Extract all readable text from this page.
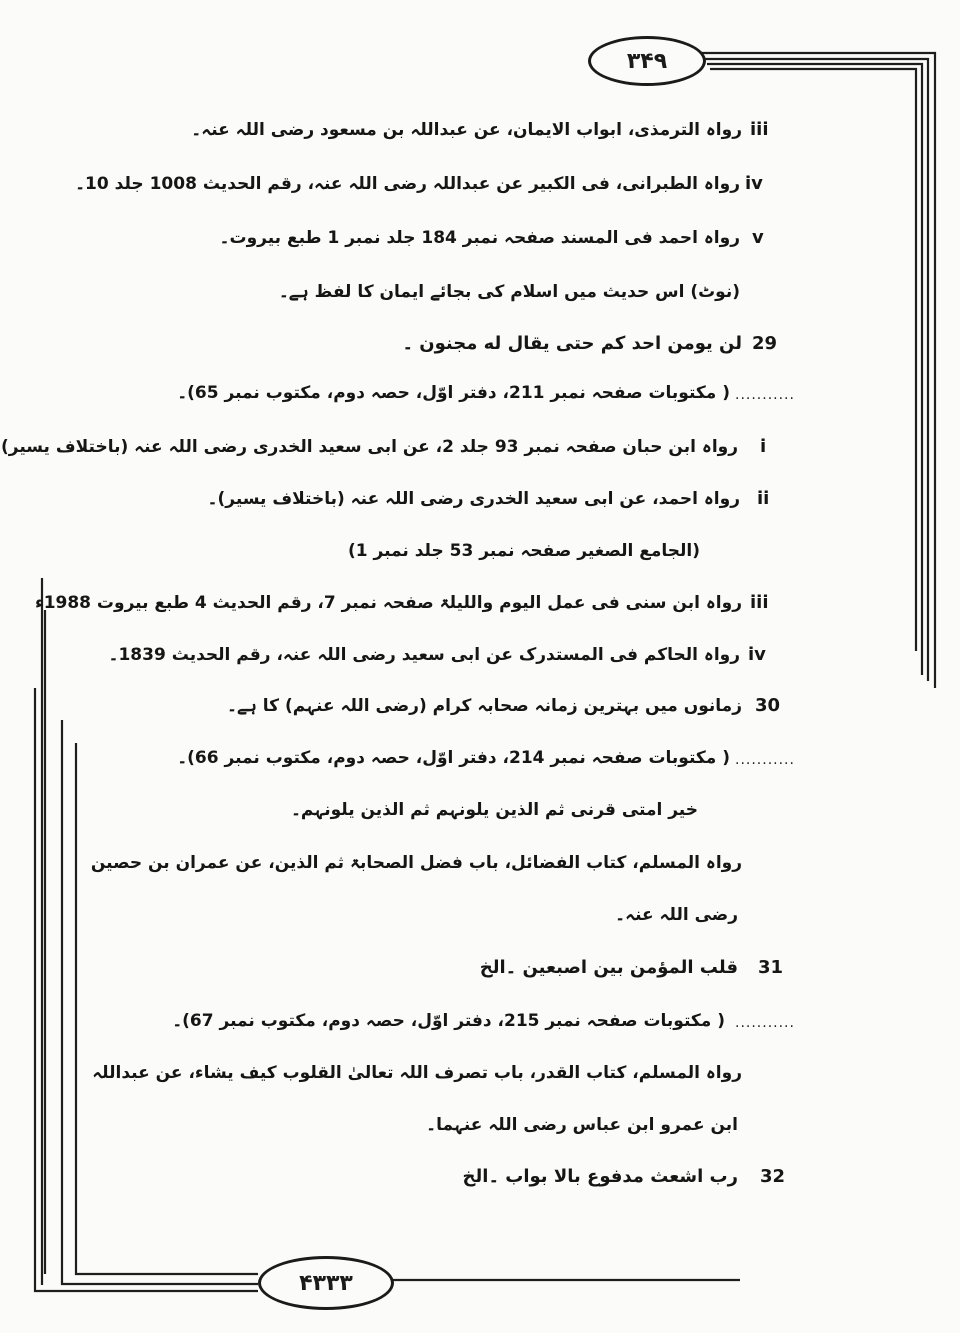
۳۴۹
۴۳۳۳
iii
رواہ الترمذی، ابواب الایمان، عن عبداللہ بن مسعود رضی اللہ عنہ۔
iv
رواہ الطبرانی، فی الکبیر عن عبداللہ رضی اللہ عنہ، رقم الحدیث 1008 جلد 10۔
v
رواہ احمد فی المسند صفحہ نمبر 184 جلد نمبر 1 طبع بیروت۔
(نوٹ) اس حدیث میں اسلام کی بجائے ایمان کا لفظ ہے۔
29
لن یومن احد کم حتی یقال له مجنون ۔
...........
( مکتوبات صفحہ نمبر 211، دفتر اوّل، حصہ دوم، مکتوب نمبر 65)۔
i
رواہ ابن حبان صفحہ نمبر 93 جلد 2، عن ابی سعید الخدری رضی اللہ عنہ (باختلاف یسیر)
ii
رواہ احمد، عن ابی سعید الخدری رضی اللہ عنہ (باختلاف یسیر)۔
(الجامع الصغیر صفحہ نمبر 53 جلد نمبر 1)
iii
رواہ ابن سنی فی عمل الیوم واللیلۃ صفحہ نمبر 7، رقم الحدیث 4 طبع بیروت 1988ء
iv
رواہ الحاکم فی المستدرک عن ابی سعید رضی اللہ عنہ، رقم الحدیث 1839۔
30
زمانوں میں بہترین زمانہ صحابہ کرام (رضی اللہ عنہم) کا ہے۔
...........
( مکتوبات صفحہ نمبر 214، دفتر اوّل، حصہ دوم، مکتوب نمبر 66)۔
خیر امتی قرنی ثم الذین یلونہم ثم الذین یلونہم۔
رواہ المسلم، کتاب الفضائل، باب فضل الصحابۃ ثم الذین، عن عمران بن حصین
رضی اللہ عنہ۔
31
قلب المؤمن بین اصبعین ۔الخ
...........
( مکتوبات صفحہ نمبر 215، دفتر اوّل، حصہ دوم، مکتوب نمبر 67)۔
رواہ المسلم، کتاب القدر، باب تصرف اللہ تعالیٰ القلوب کیف یشاء، عن عبداللہ
ابن عمرو ابن عباس رضی اللہ عنہما۔
32
رب اشعث مدفوع بالا بواب ۔الخ
